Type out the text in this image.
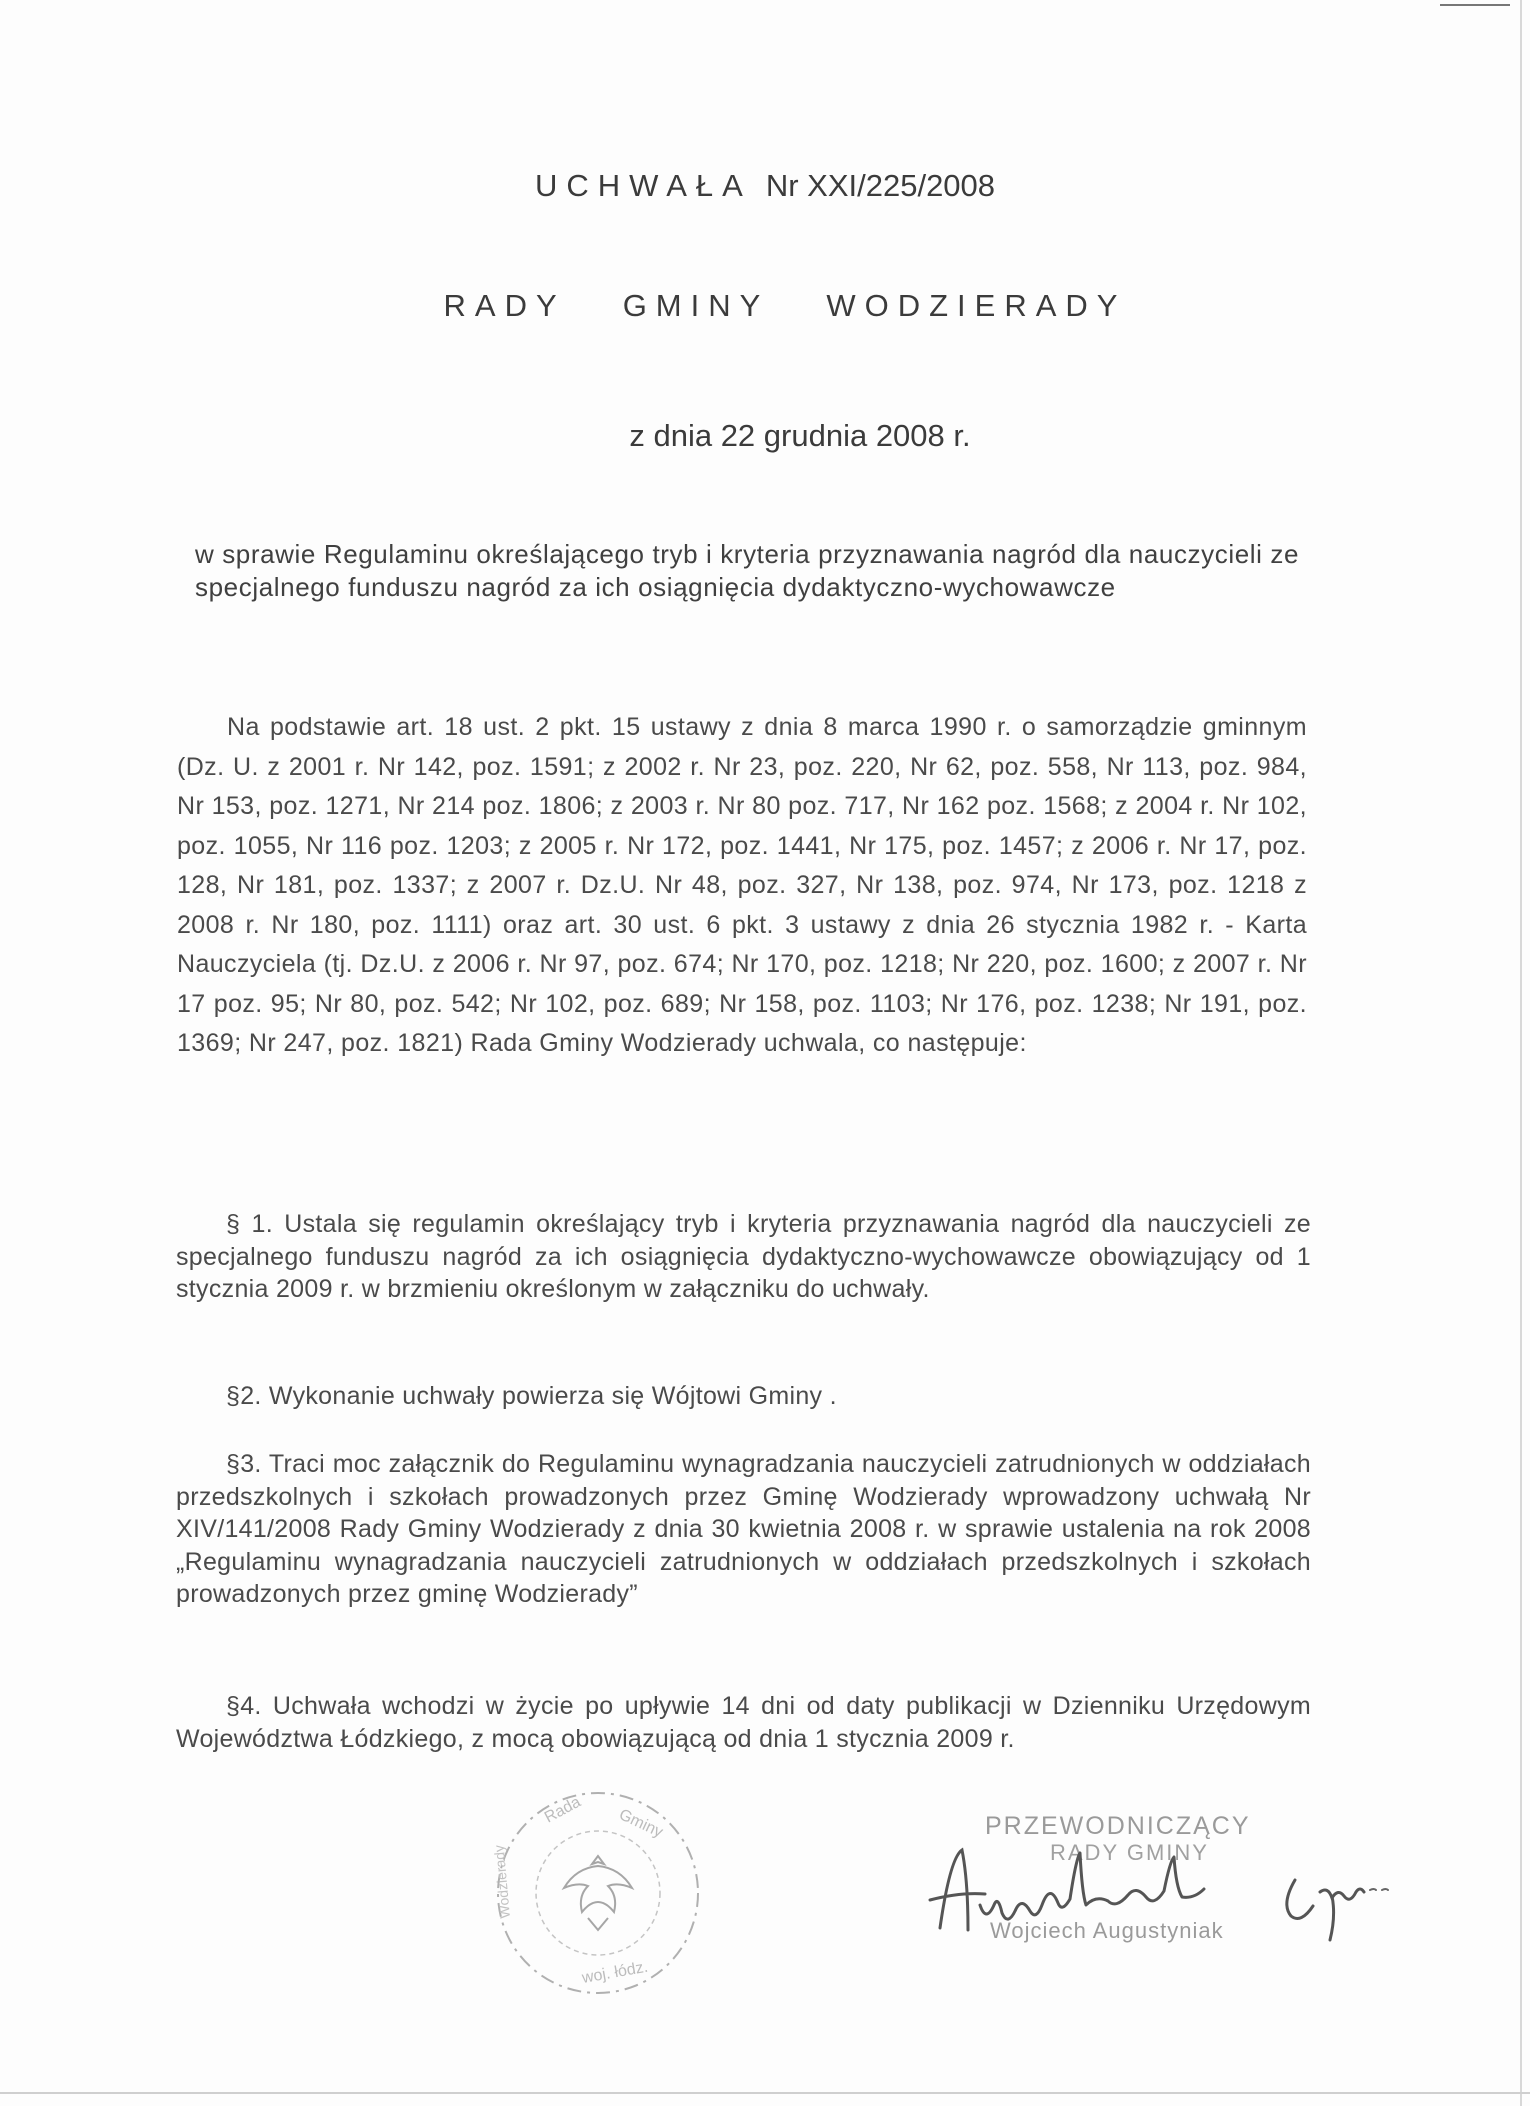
UCHWAŁA Nr XXI/225/2008
RADY GMINY WODZIERADY
z dnia 22 grudnia 2008 r.
w sprawie Regulaminu określającego tryb i kryteria przyznawania nagród dla nauczycieli ze specjalnego funduszu nagród za ich osiągnięcia dydaktyczno-wychowawcze
Na podstawie art. 18 ust. 2 pkt. 15 ustawy z dnia 8 marca 1990 r. o samorządzie gminnym (Dz. U. z 2001 r. Nr 142, poz. 1591; z 2002 r. Nr 23, poz. 220, Nr 62, poz. 558, Nr 113, poz. 984, Nr 153, poz. 1271, Nr 214 poz. 1806; z 2003 r. Nr 80 poz. 717, Nr 162 poz. 1568; z 2004 r. Nr 102, poz. 1055, Nr 116 poz. 1203; z 2005 r. Nr 172, poz. 1441, Nr 175, poz. 1457; z 2006 r. Nr 17, poz. 128, Nr 181, poz. 1337; z 2007 r. Dz.U. Nr 48, poz. 327, Nr 138, poz. 974, Nr 173, poz. 1218 z 2008 r. Nr 180, poz. 1111) oraz art. 30 ust. 6 pkt. 3 ustawy z dnia 26 stycznia 1982 r. - Karta Nauczyciela (tj. Dz.U. z 2006 r. Nr 97, poz. 674; Nr 170, poz. 1218; Nr 220, poz. 1600; z 2007 r. Nr 17 poz. 95; Nr 80, poz. 542; Nr 102, poz. 689; Nr 158, poz. 1103; Nr 176, poz. 1238; Nr 191, poz. 1369; Nr 247, poz. 1821) Rada Gminy Wodzierady uchwala, co następuje:
§ 1. Ustala się regulamin określający tryb i kryteria przyznawania nagród dla nauczycieli ze specjalnego funduszu nagród za ich osiągnięcia dydaktyczno-wychowawcze obowiązujący od 1 stycznia 2009 r. w brzmieniu określonym w załączniku do uchwały.
§2. Wykonanie uchwały powierza się Wójtowi Gminy .
§3. Traci moc załącznik do Regulaminu wynagradzania nauczycieli zatrudnionych w oddziałach przedszkolnych i szkołach prowadzonych przez Gminę Wodzierady wprowadzony uchwałą Nr XIV/141/2008 Rady Gminy Wodzierady z dnia 30 kwietnia 2008 r. w sprawie ustalenia na rok 2008 „Regulaminu wynagradzania nauczycieli zatrudnionych w oddziałach przedszkolnych i szkołach prowadzonych przez gminę Wodzierady”
§4. Uchwała wchodzi w życie po upływie 14 dni od daty publikacji w Dzienniku Urzędowym Województwa Łódzkiego, z mocą obowiązującą od dnia 1 stycznia 2009 r.
Rada Gminy
Wodzierady
woj. łódz.
PRZEWODNICZĄCY
RADY GMINY
Wojciech Augustyniak
